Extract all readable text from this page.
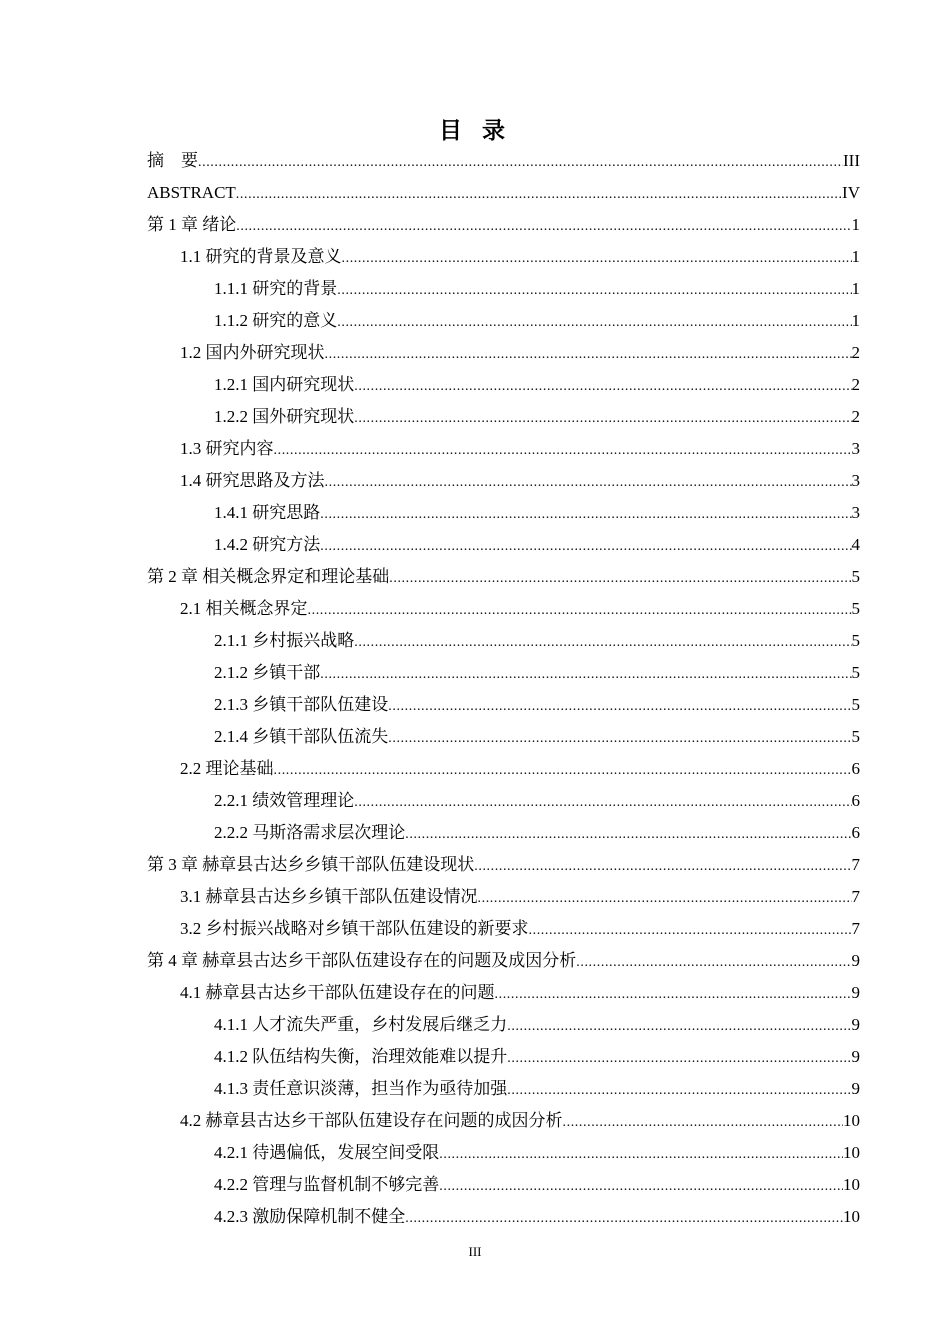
目 录
摘　要 .....	III
ABSTRACT .....	IV
第 1 章 绪论 .....	1
1.1 研究的背景及意义 .....	1
1.1.1 研究的背景 .....	1
1.1.2 研究的意义 .....	1
1.2 国内外研究现状 .....	2
1.2.1 国内研究现状 .....	2
1.2.2 国外研究现状 .....	2
1.3 研究内容 .....	3
1.4 研究思路及方法 .....	3
1.4.1 研究思路 .....	3
1.4.2 研究方法 .....	4
第 2 章 相关概念界定和理论基础 .....	5
2.1 相关概念界定 .....	5
2.1.1 乡村振兴战略 .....	5
2.1.2 乡镇干部 .....	5
2.1.3 乡镇干部队伍建设 .....	5
2.1.4 乡镇干部队伍流失 .....	5
2.2 理论基础 .....	6
2.2.1 绩效管理理论 .....	6
2.2.2 马斯洛需求层次理论 .....	6
第 3 章 赫章县古达乡乡镇干部队伍建设现状 .....	7
3.1 赫章县古达乡乡镇干部队伍建设情况 .....	7
3.2 乡村振兴战略对乡镇干部队伍建设的新要求 .....	7
第 4 章 赫章县古达乡干部队伍建设存在的问题及成因分析 .....	9
4.1 赫章县古达乡干部队伍建设存在的问题 .....	9
4.1.1 人才流失严重，乡村发展后继乏力 .....	9
4.1.2 队伍结构失衡，治理效能难以提升 .....	9
4.1.3 责任意识淡薄，担当作为亟待加强 .....	9
4.2 赫章县古达乡干部队伍建设存在问题的成因分析 .....	10
4.2.1 待遇偏低，发展空间受限 .....	10
4.2.2 管理与监督机制不够完善 .....	10
4.2.3 激励保障机制不健全 .....	10
III
